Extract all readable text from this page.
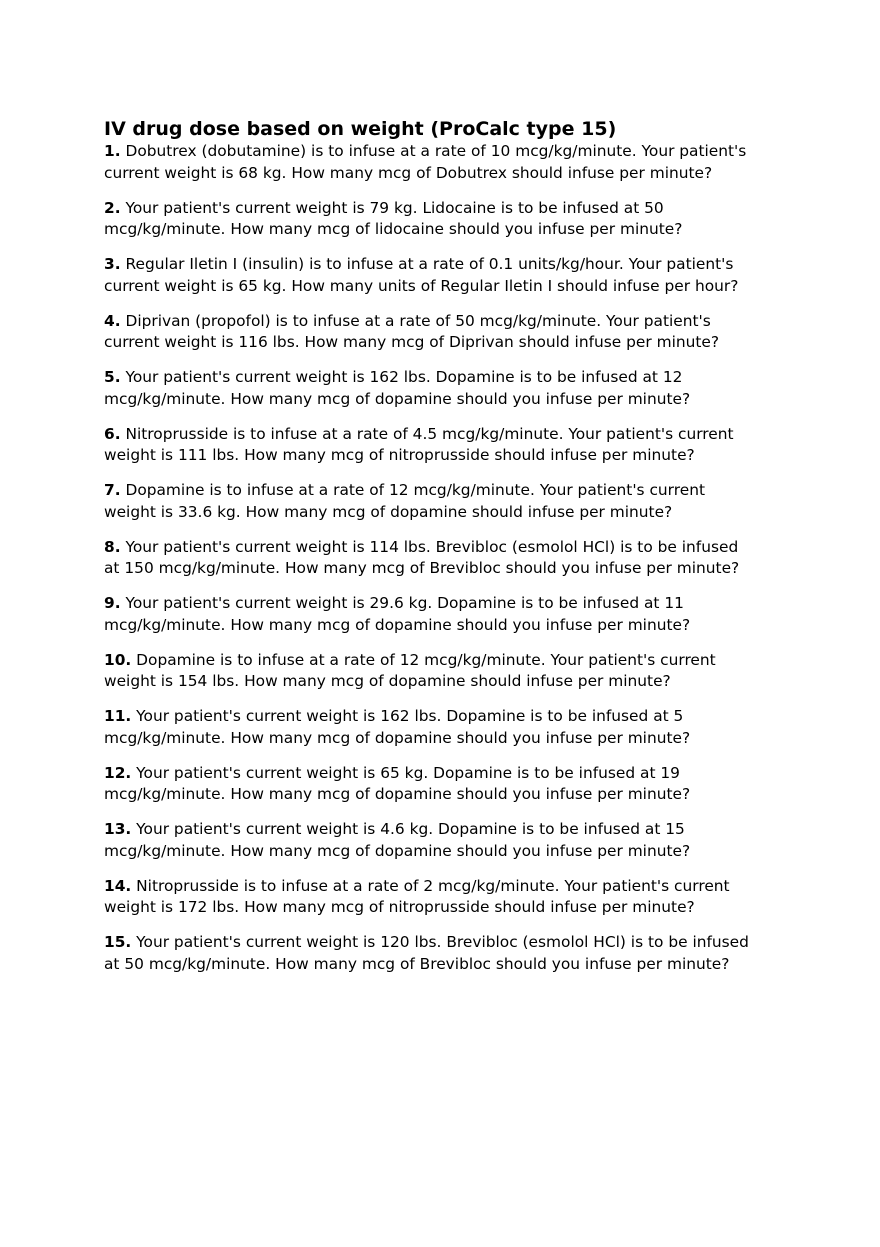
IV drug dose based on weight (ProCalc type 15)

1. Dobutrex (dobutamine) is to infuse at a rate of 10 mcg/kg/minute. Your patient's
current weight is 68 kg. How many mcg of Dobutrex should infuse per minute?

2. Your patient's current weight is 79 kg. Lidocaine is to be infused at 50
mcg/kg/minute. How many mcg of lidocaine should you infuse per minute?

3. Regular Iletin I (insulin) is to infuse at a rate of 0.1 units/kg/hour. Your patient's
current weight is 65 kg. How many units of Regular Iletin I should infuse per hour?

4. Diprivan (propofol) is to infuse at a rate of 50 mcg/kg/minute. Your patient's
current weight is 116 lbs. How many mcg of Diprivan should infuse per minute?

5. Your patient's current weight is 162 lbs. Dopamine is to be infused at 12
mcg/kg/minute. How many mcg of dopamine should you infuse per minute?

6. Nitroprusside is to infuse at a rate of 4.5 mcg/kg/minute. Your patient's current
weight is 111 lbs. How many mcg of nitroprusside should infuse per minute?

7. Dopamine is to infuse at a rate of 12 mcg/kg/minute. Your patient's current
weight is 33.6 kg. How many mcg of dopamine should infuse per minute?

8. Your patient's current weight is 114 lbs. Brevibloc (esmolol HCl) is to be infused
at 150 mcg/kg/minute. How many mcg of Brevibloc should you infuse per minute?

9. Your patient's current weight is 29.6 kg. Dopamine is to be infused at 11
mcg/kg/minute. How many mcg of dopamine should you infuse per minute?

10. Dopamine is to infuse at a rate of 12 mcg/kg/minute. Your patient's current
weight is 154 lbs. How many mcg of dopamine should infuse per minute?

11. Your patient's current weight is 162 lbs. Dopamine is to be infused at 5
mcg/kg/minute. How many mcg of dopamine should you infuse per minute?

12. Your patient's current weight is 65 kg. Dopamine is to be infused at 19
mcg/kg/minute. How many mcg of dopamine should you infuse per minute?

13. Your patient's current weight is 4.6 kg. Dopamine is to be infused at 15
mcg/kg/minute. How many mcg of dopamine should you infuse per minute?

14. Nitroprusside is to infuse at a rate of 2 mcg/kg/minute. Your patient's current
weight is 172 lbs. How many mcg of nitroprusside should infuse per minute?

15. Your patient's current weight is 120 lbs. Brevibloc (esmolol HCl) is to be infused
at 50 mcg/kg/minute. How many mcg of Brevibloc should you infuse per minute?
